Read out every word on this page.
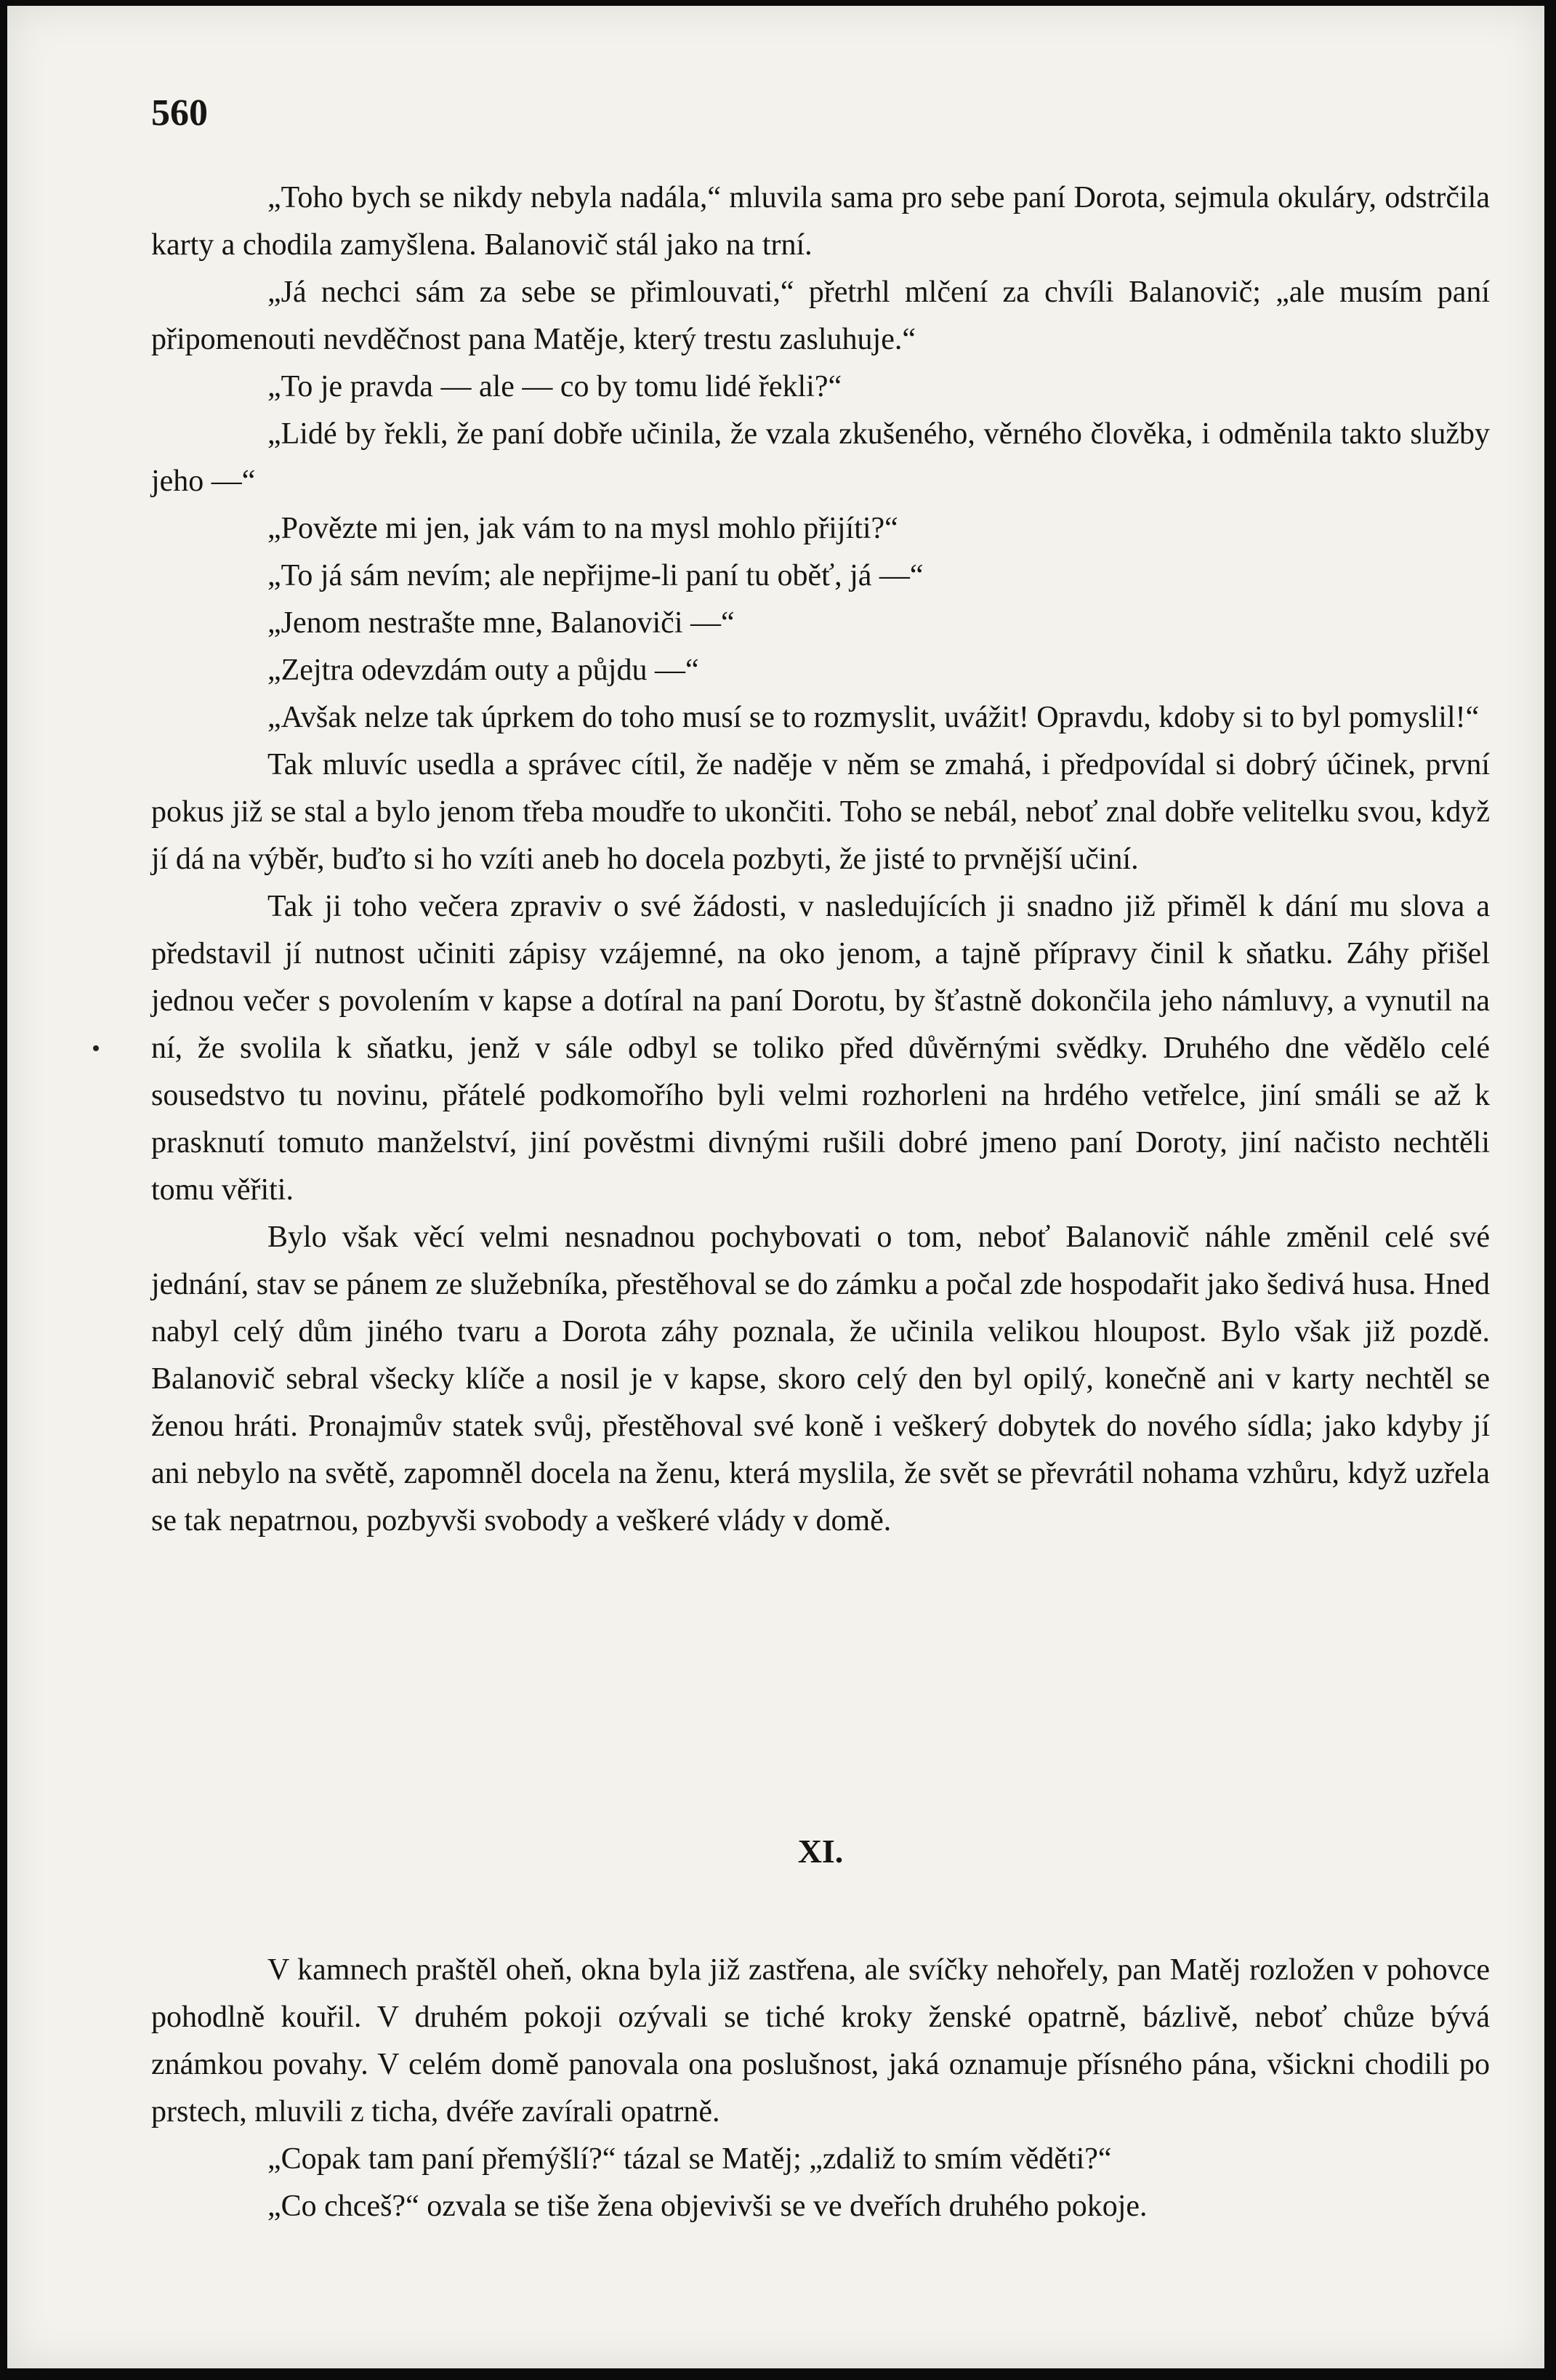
560

„Toho bych se nikdy nebyla nadála,“ mluvila sama pro sebe paní Dorota, sejmula okuláry, odstrčila karty a chodila zamyšlena. Balanovič stál jako na trní.

„Já nechci sám za sebe se přimlouvati,“ přetrhl mlčení za chvíli Balanovič; „ale musím paní připomenouti nevděčnost pana Matěje, který trestu zasluhuje.“

„To je pravda — ale — co by tomu lidé řekli?“

„Lidé by řekli, že paní dobře učinila, že vzala zkušeného, věrného člověka, i odměnila takto služby jeho —“

„Povězte mi jen, jak vám to na mysl mohlo přijíti?“

„To já sám nevím; ale nepřijme-li paní tu oběť, já —“

„Jenom nestrašte mne, Balanoviči —“

„Zejtra odevzdám outy a půjdu —“

„Avšak nelze tak úprkem do toho musí se to rozmyslit, uvážit! Opravdu, kdoby si to byl pomyslil!“

Tak mluvíc usedla a správec cítil, že naděje v něm se zmahá, i předpovídal si dobrý účinek, první pokus již se stal a bylo jenom třeba moudře to ukončiti. Toho se nebál, neboť znal dobře velitelku svou, když jí dá na výběr, buďto si ho vzíti aneb ho docela pozbyti, že jisté to prvnější učiní.

Tak ji toho večera zpraviv o své žádosti, v nasledujících ji snadno již přiměl k dání mu slova a představil jí nutnost učiniti zápisy vzájemné, na oko jenom, a tajně přípravy činil k sňatku. Záhy přišel jednou večer s povolením v kapse a dotíral na paní Dorotu, by šťastně dokončila jeho námluvy, a vynutil na ní, že svolila k sňatku, jenž v sále odbyl se toliko před důvěrnými svědky. Druhého dne vědělo celé sousedstvo tu novinu, přátelé podkomořího byli velmi rozhorleni na hrdého vetřelce, jiní smáli se až k prasknutí tomuto manželství, jiní pověstmi divnými rušili dobré jmeno paní Doroty, jiní načisto nechtěli tomu věřiti.

Bylo však věcí velmi nesnadnou pochybovati o tom, neboť Balanovič náhle změnil celé své jednání, stav se pánem ze služebníka, přestěhoval se do zámku a počal zde hospodařit jako šedivá husa. Hned nabyl celý dům jiného tvaru a Dorota záhy poznala, že učinila velikou hloupost. Bylo však již pozdě. Balanovič sebral všecky klíče a nosil je v kapse, skoro celý den byl opilý, konečně ani v karty nechtěl se ženou hráti. Pronajmův statek svůj, přestěhoval své koně i veškerý dobytek do nového sídla; jako kdyby jí ani nebylo na světě, zapomněl docela na ženu, která myslila, že svět se převrátil nohama vzhůru, když uzřela se tak nepatrnou, pozbyvši svobody a veškeré vlády v domě.

XI.

V kamnech praštěl oheň, okna byla již zastřena, ale svíčky nehořely, pan Matěj rozložen v pohovce pohodlně kouřil. V druhém pokoji ozývali se tiché kroky ženské opatrně, bázlivě, neboť chůze bývá známkou povahy. V celém domě panovala ona poslušnost, jaká oznamuje přísného pána, všickni chodili po prstech, mluvili z ticha, dvéře zavírali opatrně.

„Copak tam paní přemýšlí?“ tázal se Matěj; „zdaliž to smím věděti?“

„Co chceš?“ ozvala se tiše žena objevivši se ve dveřích druhého pokoje.
